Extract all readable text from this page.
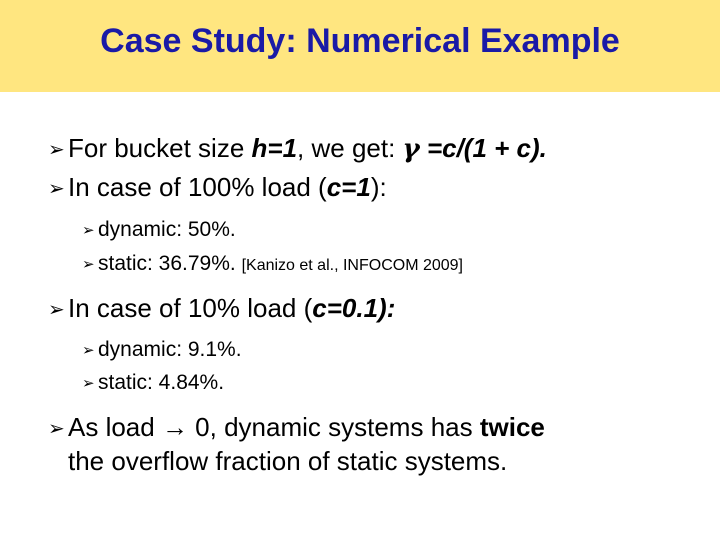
Case Study: Numerical Example
➢ For bucket size h=1, we get: γ =c/(1 + c).
➢ In case of 100% load (c=1):
➢ dynamic: 50%.
➢ static: 36.79%. [Kanizo et al., INFOCOM 2009]
➢ In case of 10% load (c=0.1):
➢ dynamic: 9.1%.
➢ static: 4.84%.
➢ As load → 0, dynamic systems has twice
the overflow fraction of static systems.
